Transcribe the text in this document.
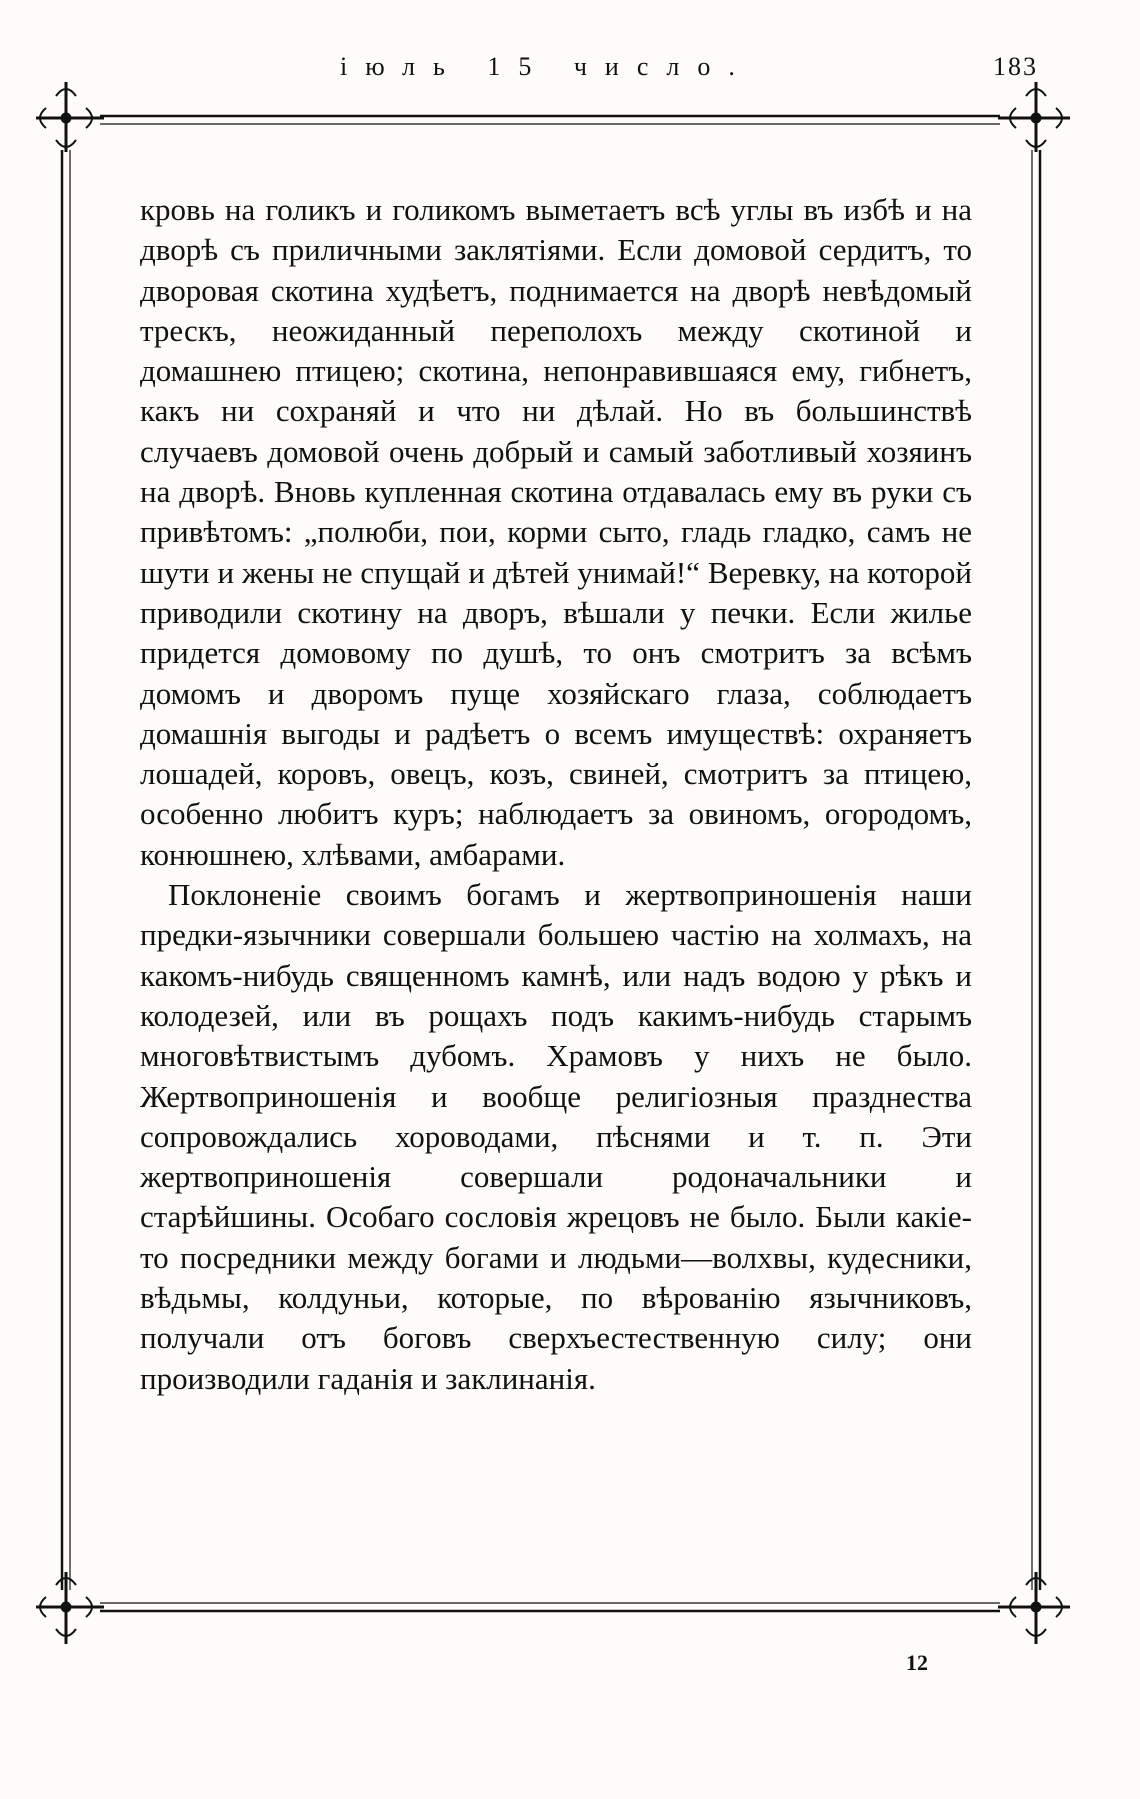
іюль 15 число.	183

кровь на голикъ и голикомъ выметаетъ всѣ углы въ избѣ и на дворѣ съ приличными заклятіями. Если домовой сердитъ, то дворовая скотина худѣетъ, поднимается на дворѣ невѣдомый трескъ, неожиданный переполохъ между скотиной и домашнею птицею; скотина, непонравившаяся ему, гибнетъ, какъ ни сохраняй и что ни дѣлай. Но въ большинствѣ случаевъ домовой очень добрый и самый заботливый хозяинъ на дворѣ. Вновь купленная скотина отдавалась ему въ руки съ привѣтомъ: „полюби, пои, корми сыто, гладь гладко, самъ не шути и жены не спущай и дѣтей унимай!“ Веревку, на которой приводили скотину на дворъ, вѣшали у печки. Если жилье придется домовому по душѣ, то онъ смотритъ за всѣмъ домомъ и дворомъ пуще хозяйскаго глаза, соблюдаетъ домашнія выгоды и радѣетъ о всемъ имуществѣ: охраняетъ лошадей, коровъ, овецъ, козъ, свиней, смотритъ за птицею, особенно любитъ куръ; наблюдаетъ за овиномъ, огородомъ, конюшнею, хлѣвами, амбарами.

Поклоненіе своимъ богамъ и жертвоприношенія наши предки-язычники совершали большею частію на холмахъ, на какомъ-нибудь священномъ камнѣ, или надъ водою у рѣкъ и колодезей, или въ рощахъ подъ какимъ-нибудь старымъ многовѣтвистымъ дубомъ. Храмовъ у нихъ не было. Жертвоприношенія и вообще религіозныя празднества сопровождались хороводами, пѣснями и т. п. Эти жертвоприношенія совершали родоначальники и старѣйшины. Особаго сословія жрецовъ не было. Были какіе-то посредники между богами и людьми—волхвы, кудесники, вѣдьмы, колдуньи, которые, по вѣрованію язычниковъ, получали отъ боговъ сверхъестественную силу; они производили гаданія и заклинанія.

12
